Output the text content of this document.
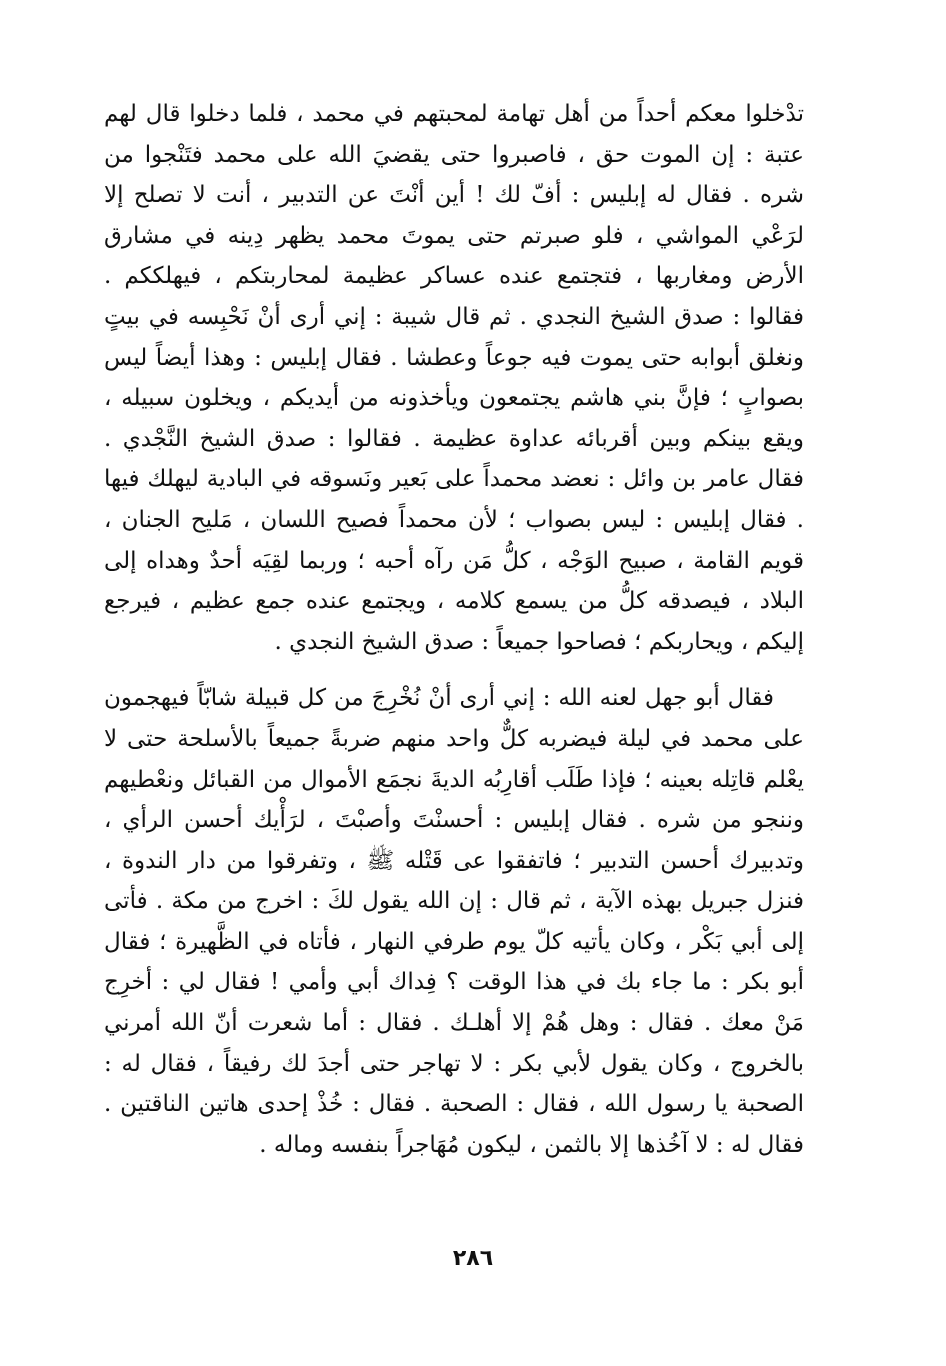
تدْخلوا معكم أحداً من أهل تهامة لمحبتهم في محمد ، فلما دخلوا قال لهم عتبة : إن الموت حق ، فاصبروا حتى يقضيَ الله على محمد فتَنْجوا من شره . فقال له إبليس : أفّ لك ! أين أنْتَ عن التدبير ، أنت لا تصلح إلا لرَعْي المواشي ، فلو صبرتم حتى يموتَ محمد يظهر دِينه في مشارق الأرض ومغاربها ، فتجتمع عنده عساكر عظيمة لمحاربتكم ، فيهلككم . فقالوا : صدق الشيخ النجدي . ثم قال شيبة : إني أرى أنْ نَحْبِسه في بيتٍ ونغلق أبوابه حتى يموت فيه جوعاً وعطشا . فقال إبليس : وهذا أيضاً ليس بصوابٍ ؛ فإنَّ بني هاشم يجتمعون ويأخذونه من أيديكم ، ويخلون سبيله ، ويقع بينكم وبين أقربائه عداوة عظيمة . فقالوا : صدق الشيخ النَّجْدي . فقال عامر بن وائل : نعضد محمداً على بَعير ونَسوقه في البادية ليهلك فيها . فقال إبليس : ليس بصواب ؛ لأن محمداً فصيح اللسان ، مَليح الجنان ، قويم القامة ، صبيح الوَجْه ، كلُّ مَن رآه أحبه ؛ وربما لقِيَه أحدٌ وهداه إلى البلاد ، فيصدقه كلُّ من يسمع كلامه ، ويجتمع عنده جمع عظيم ، فيرجع إليكم ، ويحاربكم ؛ فصاحوا جميعاً : صدق الشيخ النجدي .

فقال أبو جهل لعنه الله : إني أرى أنْ نُخْرِجَ من كل قبيلة شابّاً فيهجمون على محمد في ليلة فيضربه كلٌّ واحد منهم ضربةً جميعاً بالأسلحة حتى لا يعْلم قاتِله بعينه ؛ فإذا طَلَب أقارِبُه الديةَ نجمَع الأموال من القبائل ونعْطيهم وننجو من شره . فقال إبليس : أحسنْتَ وأصبْتَ ، لرَأْيك أحسن الرأي ، وتدبيرك أحسن التدبير ؛ فاتفقوا عى قَتْله ﷺ ، وتفرقوا من دار الندوة ، فنزل جبريل بهذه الآية ، ثم قال : إن الله يقول لكَ : اخرج من مكة . فأتى إلى أبي بَكْر ، وكان يأتيه كلّ يوم طرفي النهار ، فأتاه في الظَّهيرة ؛ فقال أبو بكر : ما جاء بك في هذا الوقت ؟ فِداك أبي وأمي ! فقال لي : أخرِج مَنْ معك . فقال : وهل هُمْ إلا أهلـك . فقال : أما شعرت أنّ الله أمرني بالخروج ، وكان يقول لأبي بكر : لا تهاجر حتى أجدَ لك رفيقاً ، فقال له : الصحبة يا رسول الله ، فقال : الصحبة . فقال : خُذْ إحدى هاتين الناقتين . فقال له : لا آخُذها إلا بالثمن ، ليكون مُهَاجراً بنفسه وماله .

٢٨٦
